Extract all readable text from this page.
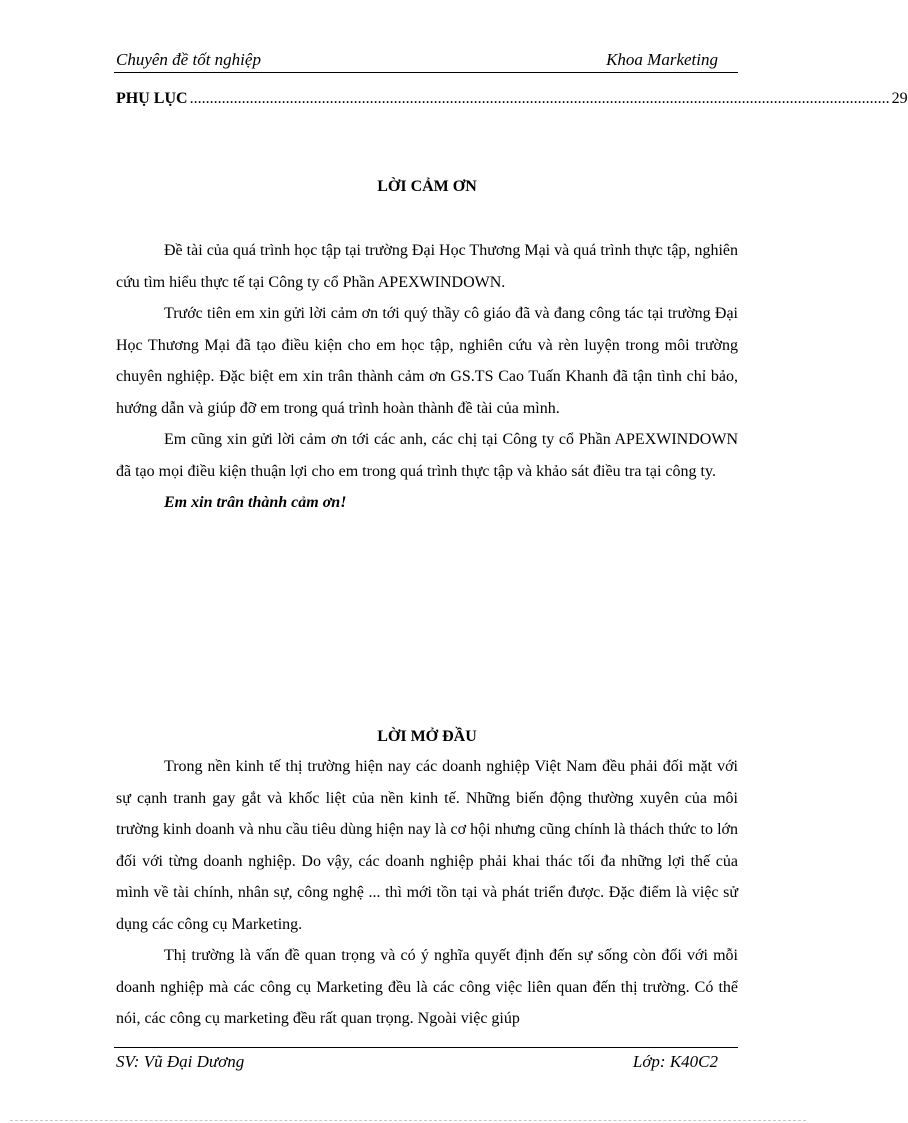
Chuyên đề tốt nghiệp	Khoa Marketing
PHỤ LỤC ............................................................................................................................................................................... 29
LỜI CẢM ƠN

Đề tài của quá trình học tập tại trường Đại Học Thương Mại và quá trình thực tập, nghiên cứu tìm hiểu thực tế tại Công ty cổ Phần APEXWINDOWN.

Trước tiên em xin gửi lời cảm ơn tới quý thầy cô giáo đã và đang công tác tại trường Đại Học Thương Mại đã tạo điều kiện cho em học tập, nghiên cứu và rèn luyện trong môi trường chuyên nghiệp. Đặc biệt em xin trân thành cảm ơn GS.TS Cao Tuấn Khanh đã tận tình chỉ bảo, hướng dẫn và giúp đỡ em trong quá trình hoàn thành đề tài của mình.

Em cũng xin gửi lời cảm ơn tới các anh, các chị tại Công ty cổ Phần APEXWINDOWN đã tạo mọi điều kiện thuận lợi cho em trong quá trình thực tập và khảo sát điều tra tại công ty.

Em xin trân thành cảm ơn!

LỜI MỞ ĐẦU

Trong nền kinh tế thị trường hiện nay các doanh nghiệp Việt Nam đều phải đối mặt với sự cạnh tranh gay gắt và khốc liệt của nền kinh tế. Những biến động thường xuyên của môi trường kinh doanh và nhu cầu tiêu dùng hiện nay là cơ hội nhưng cũng chính là thách thức to lớn đối với từng doanh nghiệp. Do vậy, các doanh nghiệp phải khai thác tối đa những lợi thế của mình về tài chính, nhân sự, công nghệ ... thì mới tồn tại và phát triển được. Đặc điểm là việc sử dụng các công cụ Marketing.

Thị trường là vấn đề quan trọng và có ý nghĩa quyết định đến sự sống còn đối với mỗi doanh nghiệp mà các công cụ Marketing đều là các công việc liên quan đến thị trường. Có thể nói, các công cụ marketing đều rất quan trọng. Ngoài việc giúp

SV: Vũ Đại Dương	Lớp: K40C2
